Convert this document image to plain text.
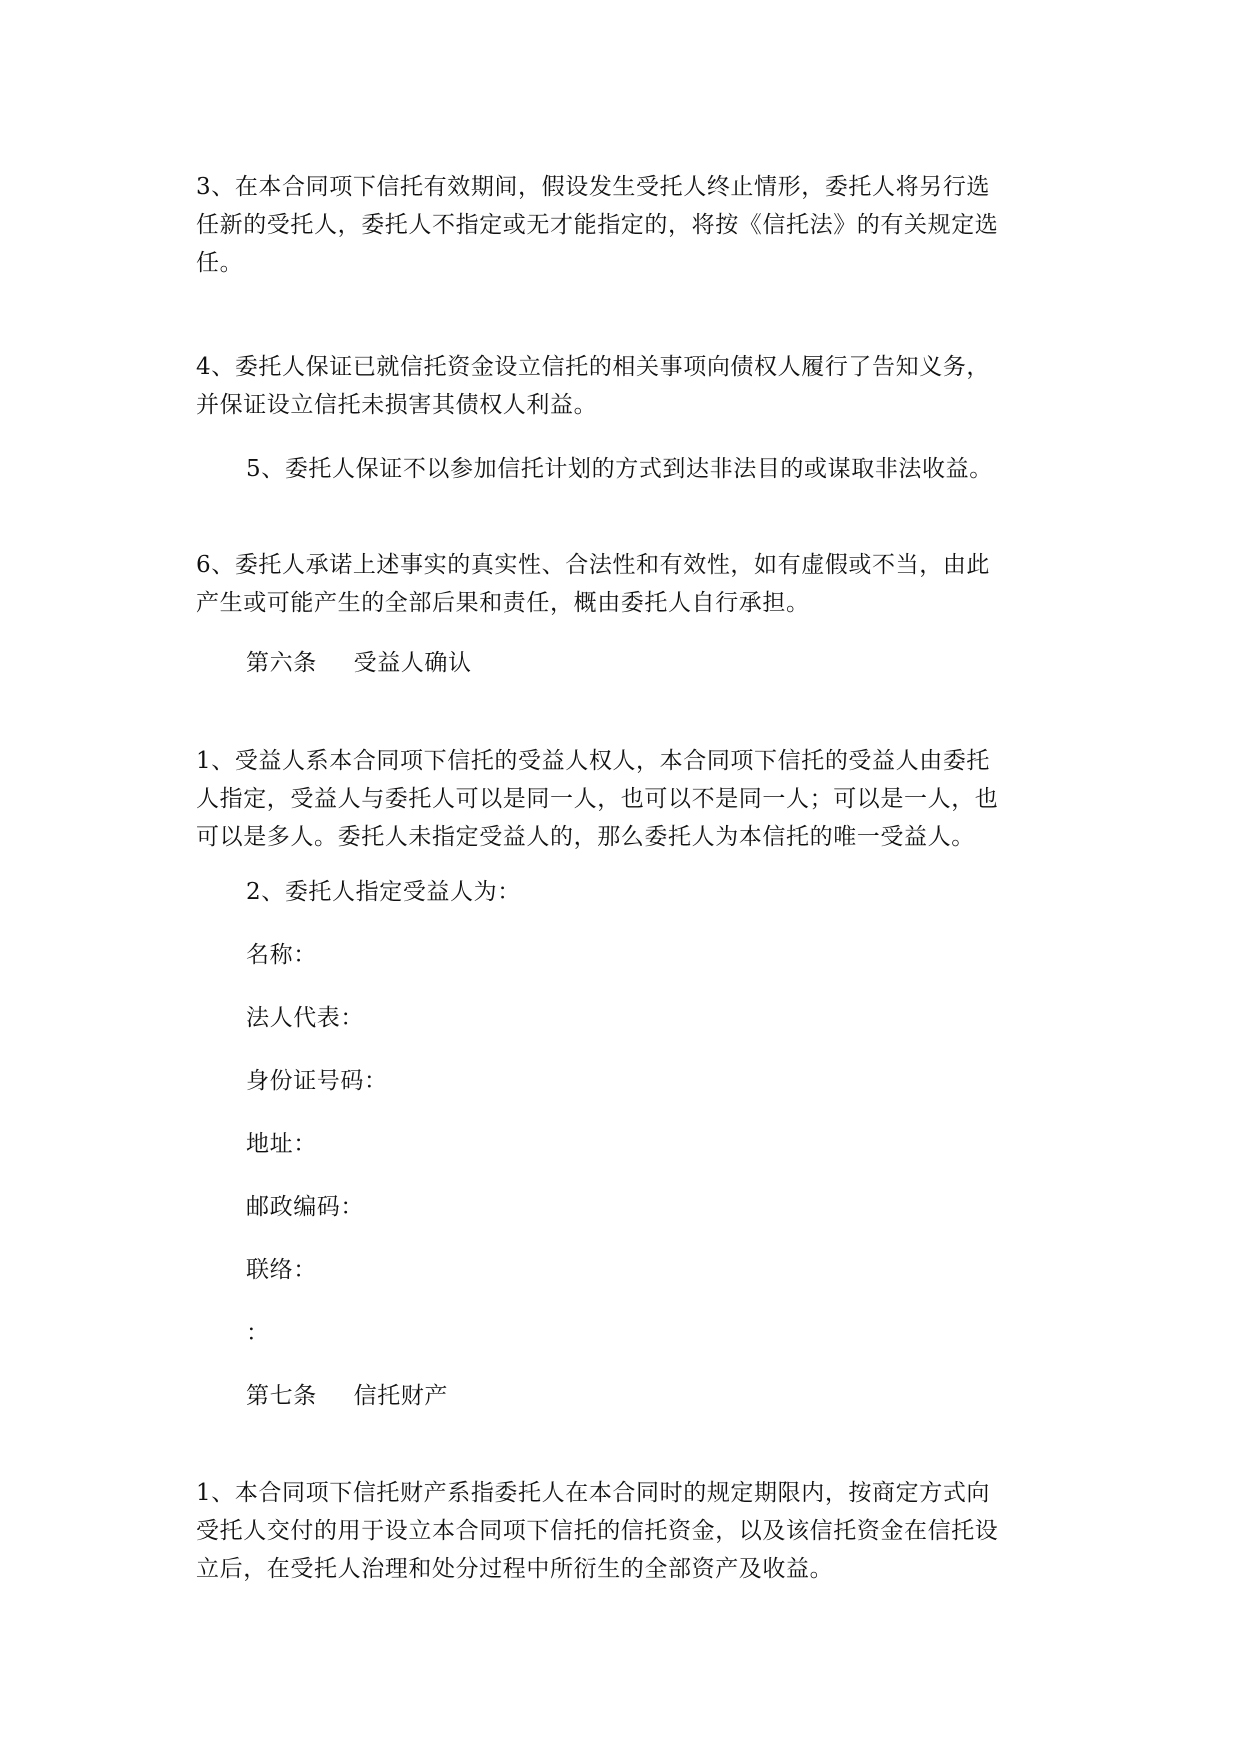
3、在本合同项下信托有效期间，假设发生受托人终止情形，委托人将另行选
任新的受托人，委托人不指定或无才能指定的，将按《信托法》的有关规定选
任。
4、委托人保证已就信托资金设立信托的相关事项向债权人履行了告知义务，
并保证设立信托未损害其债权人利益。
5、委托人保证不以参加信托计划的方式到达非法目的或谋取非法收益。
6、委托人承诺上述事实的真实性、合法性和有效性，如有虚假或不当，由此
产生或可能产生的全部后果和责任，概由委托人自行承担。
第六条 受益人确认
1、受益人系本合同项下信托的受益人权人，本合同项下信托的受益人由委托
人指定，受益人与委托人可以是同一人，也可以不是同一人；可以是一人，也
可以是多人。委托人未指定受益人的，那么委托人为本信托的唯一受益人。
2、委托人指定受益人为：
名称：
法人代表：
身份证号码：
地址：
邮政编码：
联络：
：
第七条 信托财产
1、本合同项下信托财产系指委托人在本合同时的规定期限内，按商定方式向
受托人交付的用于设立本合同项下信托的信托资金，以及该信托资金在信托设
立后，在受托人治理和处分过程中所衍生的全部资产及收益。
